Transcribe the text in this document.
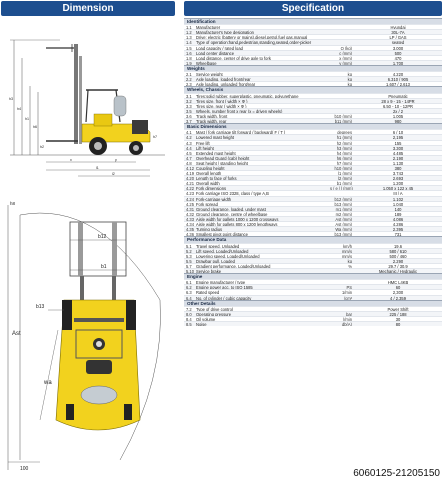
Dimension
h3
h4
h1
h6
h2
h7
x	y
l1
l2
h8
b12
b1
b13
Ast
wa
100
Specification
Identification
1.1	Manufacturer	Hyundai
1.2	Manufacturer's type designation	30L-7A
1.3	Drive: electric (battery or mains),diesel,petrol,fuel gas,manual	LP / GAS
1.4	Type of operation:hand,pedestrian,standing,seated,order-picker	seated
1.5	Load capacity / rated load	Q (kg)	3,000
1.6	Load center distance	c (mm)	500
1.8	Load distance, center of drive axle to fork	x (mm)	470
1.9	Wheelbase	y (mm)	1,700
Weights
2.1	Service weight	kg	4,220
2.2	Axle loading, loaded front/rear	kg	6,310 / 905
2.3	Axle loading, unloaded front/rear	kg	1,607 / 2,613
Wheels, Chassis
3.1	Tires:solid rubber, superplastic, pneumatic, polyurethane	Pneumatic
3.2	Tires size, front ( width × Φ )	28 x 9 - 15 - 14PR
3.3	Tires size, rear ( width × Φ )	6.50 - 10 - 12PR
3.5	Wheels, number front x rear (x = driven wheels)	2x / 2
3.6	Track width, front	b10 (mm)	1,005
3.7	Track width, rear	b11 (mm)	980
Basic Dimensions
4.1	Mast / fork carriage tilt forward / backward( F / T )	degrees	6 / 10
4.2	Lowered mast height	h1 (mm)	2,195
4.3	Free lift	h2 (mm)	155
4.4	Lift height	h3 (mm)	3,300
4.5	Extended mast height	h4 (mm)	4,485
4.7	Overhead Guard (cab) height	h6 (mm)	2,190
4.8	Seat height / standing height	h7 (mm)	1,130
4.12 Coupling height	h10 (mm)	380
4.19 Overall length	l1 (mm)	3,743
4.20 Length to face of forks	l2 (mm)	2,693
4.21 Overall width	b1 (mm)	1,200
4.22 Fork dimensions	s / e / l (mm)	1,050 x 122 x 45
4.23 Fork carriage ISO 2328, class / type A,B	III / A
4.24 Fork-carriage width	b12 (mm)	1,102
4.25 Fork spread	b13 (mm)	1,040
4.31 Ground clearance, loaded, under mast	m1 (mm)	140
4.32 Ground clearance, centre of wheelbase	m2 (mm)	189
4.33 Aisle width for pallets 1000 x 1200 crossways	Ast (mm)	4,086
4.34 Aisle width for pallets 800 x 1200 lengthways	Ast (mm)	4,286
4.35 Turning radius	Wa (mm)	2,395
4.36 Smallest pivot point distance	b13 (mm)	731
Performance Data
5.1	Travel speed, Unloaded	km/h	19.6
5.2	Lift speed, Loaded/Unloaded	mm/s	580 / 610
5.3	Lowering speed, Loaded/Unloaded	mm/s	500 / 460
5.5	Drawbar pull, Loaded	kg	2,290
5.7	Gradient performance, Loaded/Unloaded	%	29.7 / 30.9
5.10 Service brake	Mechanic / Hydraulic
Engine
6.1	Engine manufacturer / type	HMC L4KB
6.2	Engine power acc. to ISO 1585	PS	60
6.3	Rated speed	1/min	2,300
6.4	No. of cylinder / cubic capacity	/cm³	4 / 2,359
Other Details
7.2	Type of drive control	Power Shift
8.0	Operating pressure	bar	225 / 188
8.4	Oil volume	l/min	30
8.5	Noise	db(A)	80
6060125-21205150
